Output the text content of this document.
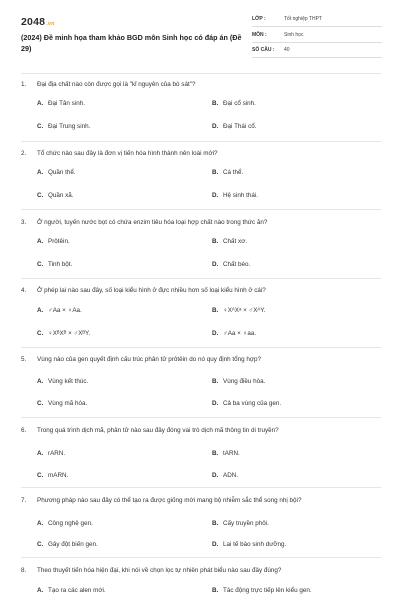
2048.vn
(2024) Đề minh họa tham khảo BGD môn Sinh học có đáp án (Đề 29)
LỚP :	Tốt nghiệp THPT
MÔN :	Sinh học
SỐ CÂU : 40
1. Đại địa chất nào còn được gọi là "kỉ nguyên của bò sát"?
A. Đại Tân sinh.	B. Đại cổ sinh.
C. Đại Trung sinh.	D. Đại Thái cổ.
2. Tổ chức nào sau đây là đơn vị tiến hóa hình thành nên loài mới?
A. Quần thể.	B. Cá thể.
C. Quần xã.	D. Hệ sinh thái.
3. Ở người, tuyến nước bọt có chứa enzim tiêu hóa loại hợp chất nào trong thức ăn?
A. Prôtêin.	B. Chất xơ.
C. Tinh bột.	D. Chất béo.
4. Ở phép lai nào sau đây, số loại kiểu hình ở đực nhiều hơn số loại kiểu hình ở cái?
A. ♂Aa × ♀Aa.	B. ♀XᴬXᵃ × ♂XᴬY.
C. ♀XᴮXᴮ × ♂XᴮY.	D. ♂Aa × ♀aa.
5. Vùng nào của gen quyết định cấu trúc phân tử prôtêin do nó quy định tổng hợp?
A. Vùng kết thúc.	B. Vùng điều hòa.
C. Vùng mã hóa.	D. Cả ba vùng của gen.
6. Trong quá trình dịch mã, phân tử nào sau đây đóng vai trò dịch mã thông tin di truyền?
A. rARN.	B. tARN.
C. mARN.	D. ADN.
7. Phương pháp nào sau đây có thể tạo ra được giống mới mang bộ nhiễm sắc thể song nhị bội?
A. Công nghệ gen.	B. Cấy truyền phôi.
C. Gây đột biến gen.	D. Lai tế bào sinh dưỡng.
8. Theo thuyết tiến hóa hiện đại, khi nói về chọn lọc tự nhiên phát biểu nào sau đây đúng?
A. Tạo ra các alen mới.	B. Tác động trực tiếp lên kiểu gen.
